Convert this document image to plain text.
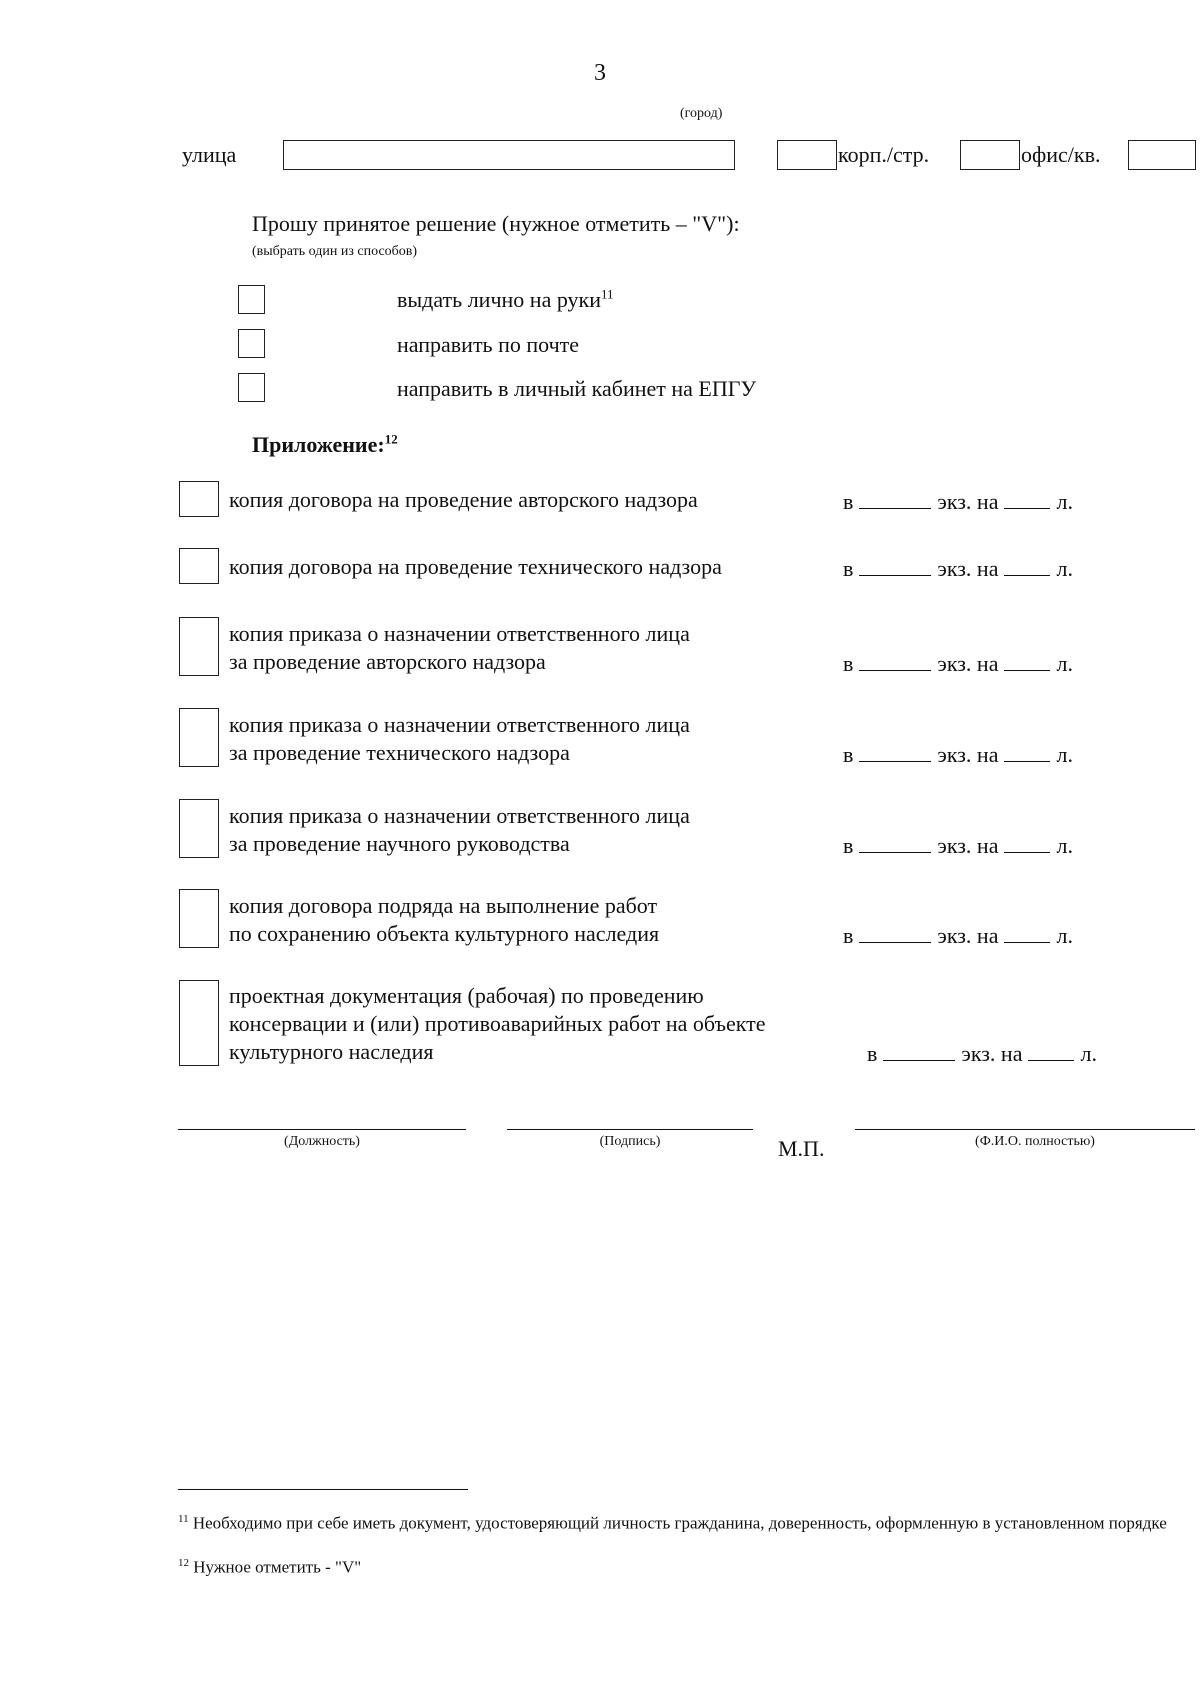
3
(город)
улица	корп./стр.	офис/кв.
Прошу принятое решение (нужное отметить – "V"):
(выбрать один из способов)
выдать лично на руки$^{11}$
направить по почте
направить в личный кабинет на ЕПГУ
Приложение:$^{12}$
копия договора на проведение авторского надзора	в	экз. на	л.
копия договора на проведение технического надзора	в	экз. на	л.
копия приказа о назначении ответственного лица
за проведение авторского надзора	в	экз. на	л.
копия приказа о назначении ответственного лица
за проведение технического надзора	в	экз. на	л.
копия приказа о назначении ответственного лица
за проведение научного руководства	в	экз. на	л.
копия договора подряда на выполнение работ
по сохранению объекта культурного наследия	в	экз. на	л.
проектная документация (рабочая) по проведению
консервации и (или) противоаварийных работ на объекте
культурного наследия	в	экз. на	л.
(Должность)	(Подпись)	М.П.	(Ф.И.О. полностью)
$^{11}$ Необходимо при себе иметь документ, удостоверяющий личность гражданина, доверенность, оформленную в установленном порядке
$^{12}$ Нужное отметить - "V"
